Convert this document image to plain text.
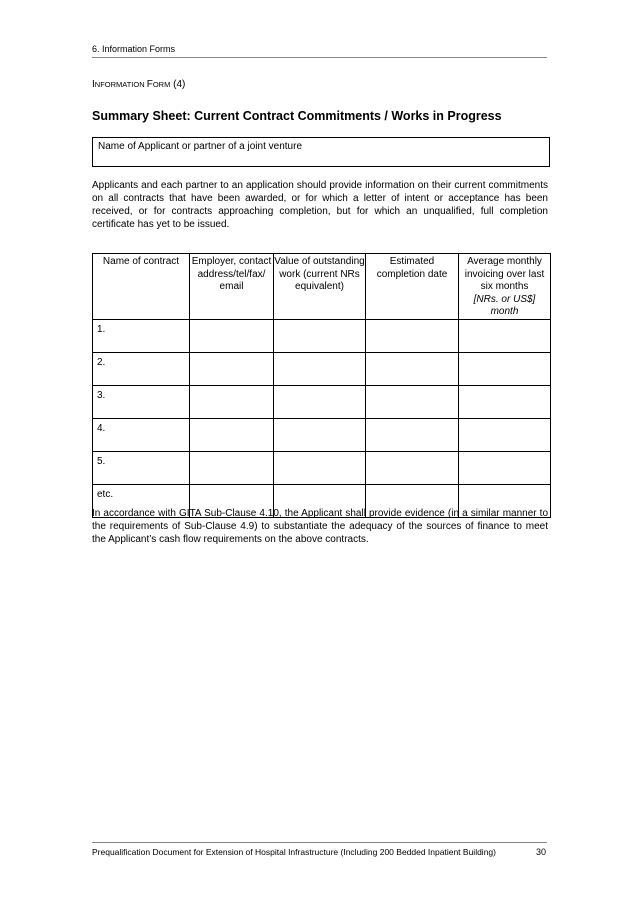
6. Information Forms
INFORMATION FORM (4)
Summary Sheet: Current Contract Commitments / Works in Progress
Name of Applicant or partner of a joint venture

Applicants and each partner to an application should provide information on their current commitments on all contracts that have been awarded, or for which a letter of intent or acceptance has been received, or for contracts approaching completion, but for which an unqualified, full completion certificate has yet to be issued.

Name of contract	Employer, contact address/tel/fax/ email	Value of outstanding work (current NRs equivalent)	Estimated completion date	Average monthly invoicing over last six months
[NRs. or US$] month

1.				
2.				
3.				
4.				
5.				
etc.				

In accordance with GITA Sub-Clause 4.10, the Applicant shall provide evidence (in a similar manner to the requirements of Sub-Clause 4.9) to substantiate the adequacy of the sources of finance to meet the Applicant’s cash flow requirements on the above contracts.

Prequalification Document for Extension of Hospital Infrastructure (Including 200 Bedded Inpatient Building)	30
